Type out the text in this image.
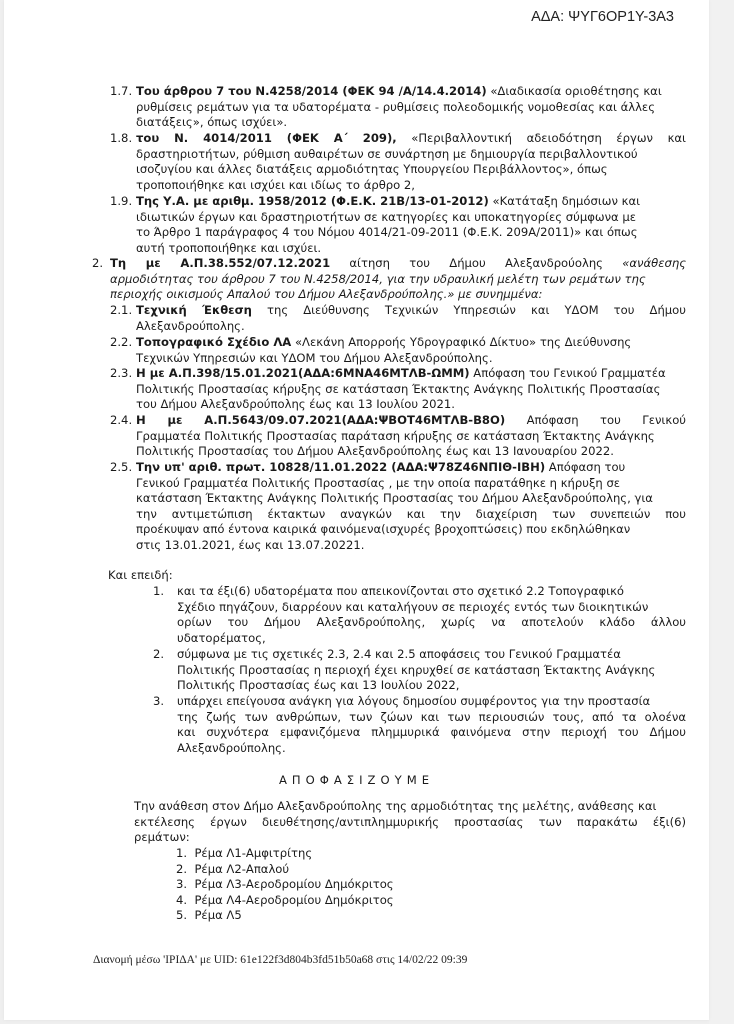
ΑΔΑ: ΨΥΓ6ΟΡ1Υ-3Α3
1.7. Του άρθρου 7 του Ν.4258/2014 (ΦΕΚ 94 /Α/14.4.2014) «Διαδικασία οριοθέτησης και
ρυθμίσεις ρεμάτων για τα υδατορέματα - ρυθμίσεις πολεοδομικής νομοθεσίας και άλλες
διατάξεις», όπως ισχύει».
1.8. του Ν. 4014/2011 (ΦΕΚ Α΄ 209), «Περιβαλλοντική αδειοδότηση έργων και
δραστηριοτήτων, ρύθμιση αυθαιρέτων σε συνάρτηση με δημιουργία περιβαλλοντικού
ισοζυγίου και άλλες διατάξεις αρμοδιότητας Υπουργείου Περιβάλλοντος», όπως
τροποποιήθηκε και ισχύει και ιδίως το άρθρο 2,
1.9. Της Υ.Α. με αριθμ. 1958/2012 (Φ.Ε.Κ. 21Β/13-01-2012) «Κατάταξη δημόσιων και
ιδιωτικών έργων και δραστηριοτήτων σε κατηγορίες και υποκατηγορίες σύμφωνα με
το Άρθρο 1 παράγραφος 4 του Νόμου 4014/21-09-2011 (Φ.Ε.Κ. 209Α/2011)» και όπως
αυτή τροποποιήθηκε και ισχύει.
2. Τη με Α.Π.38.552/07.12.2021 αίτηση του Δήμου Αλεξανδρούολης «ανάθεσης
αρμοδιότητας του άρθρου 7 του Ν.4258/2014, για την υδραυλική μελέτη των ρεμάτων της
περιοχής οικισμούς Απαλού του Δήμου Αλεξανδρούπολης.» με συνημμένα:
2.1. Τεχνική Έκθεση της Διεύθυνσης Τεχνικών Υπηρεσιών και ΥΔΟΜ του Δήμου
Αλεξανδρούπολης.
2.2. Τοπογραφικό Σχέδιο ΛΑ «Λεκάνη Απορροής Υδρογραφικό Δίκτυο» της Διεύθυνσης
Τεχνικών Υπηρεσιών και ΥΔΟΜ του Δήμου Αλεξανδρούπολης.
2.3. Η με Α.Π.398/15.01.2021(ΑΔΑ:6ΜΝΑ46ΜΤΛΒ-ΩΜΜ) Απόφαση του Γενικού Γραμματέα
Πολιτικής Προστασίας κήρυξης σε κατάσταση Έκτακτης Ανάγκης Πολιτικής Προστασίας
του Δήμου Αλεξανδρούπολης έως και 13 Ιουλίου 2021.
2.4. Η με Α.Π.5643/09.07.2021(ΑΔΑ:ΨΒΟΤ46ΜΤΛΒ-Β8Ο) Απόφαση του Γενικού
Γραμματέα Πολιτικής Προστασίας παράταση κήρυξης σε κατάσταση Έκτακτης Ανάγκης
Πολιτικής Προστασίας του Δήμου Αλεξανδρούπολης έως και 13 Ιανουαρίου 2022.
2.5. Την υπ' αριθ. πρωτ. 10828/11.01.2022 (ΑΔΑ:Ψ78Ζ46ΝΠΙΘ-ΙΒΗ) Απόφαση του
Γενικού Γραμματέα Πολιτικής Προστασίας , με την οποία παρατάθηκε η κήρυξη σε
κατάσταση Έκτακτης Ανάγκης Πολιτικής Προστασίας του Δήμου Αλεξανδρούπολης, για
την αντιμετώπιση έκτακτων αναγκών και την διαχείριση των συνεπειών που
προέκυψαν από έντονα καιρικά φαινόμενα(ισχυρές βροχοπτώσεις) που εκδηλώθηκαν
στις 13.01.2021, έως και 13.07.20221.
Και επειδή:
1. και τα έξι(6) υδατορέματα που απεικονίζονται στο σχετικό 2.2 Τοπογραφικό
Σχέδιο πηγάζουν, διαρρέουν και καταλήγουν σε περιοχές εντός των διοικητικών
ορίων του Δήμου Αλεξανδρούπολης, χωρίς να αποτελούν κλάδο άλλου
υδατορέματος,
2. σύμφωνα με τις σχετικές 2.3, 2.4 και 2.5 αποφάσεις του Γενικού Γραμματέα
Πολιτικής Προστασίας η περιοχή έχει κηρυχθεί σε κατάσταση Έκτακτης Ανάγκης
Πολιτικής Προστασίας έως και 13 Ιουλίου 2022,
3. υπάρχει επείγουσα ανάγκη για λόγους δημοσίου συμφέροντος για την προστασία
της ζωής των ανθρώπων, των ζώων και των περιουσιών τους, από τα ολοένα
και συχνότερα εμφανιζόμενα πλημμυρικά φαινόμενα στην περιοχή του Δήμου
Αλεξανδρούπολης.
ΑΠΟΦΑΣΙΖΟΥΜΕ
Την ανάθεση στον Δήμο Αλεξανδρούπολης της αρμοδιότητας της μελέτης, ανάθεσης και
εκτέλεσης έργων διευθέτησης/αντιπλημμυρικής προστασίας των παρακάτω έξι(6)
ρεμάτων:
1. Ρέμα Λ1-Αμφιτρίτης
2. Ρέμα Λ2-Απαλού
3. Ρέμα Λ3-Αεροδρομίου Δημόκριτος
4. Ρέμα Λ4-Αεροδρομίου Δημόκριτος
5. Ρέμα Λ5
Διανομή μέσω 'ΙΡΙΔΑ' με UID: 61e122f3d804b3fd51b50a68 στις 14/02/22 09:39
